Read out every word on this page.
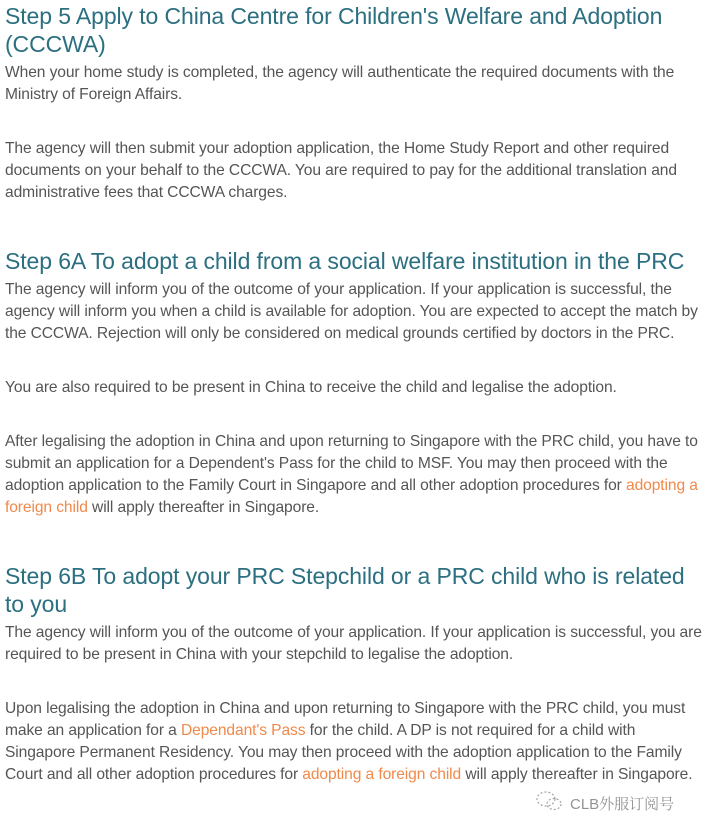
Step 5 Apply to China Centre for Children's Welfare and Adoption (CCCWA)

When your home study is completed, the agency will authenticate the required documents with the Ministry of Foreign Affairs.

The agency will then submit your adoption application, the Home Study Report and other required documents on your behalf to the CCCWA. You are required to pay for the additional translation and administrative fees that CCCWA charges.

Step 6A To adopt a child from a social welfare institution in the PRC

The agency will inform you of the outcome of your application. If your application is successful, the agency will inform you when a child is available for adoption. You are expected to accept the match by the CCCWA. Rejection will only be considered on medical grounds certified by doctors in the PRC.

You are also required to be present in China to receive the child and legalise the adoption.

After legalising the adoption in China and upon returning to Singapore with the PRC child, you have to submit an application for a Dependent's Pass for the child to MSF. You may then proceed with the adoption application to the Family Court in Singapore and all other adoption procedures for adopting a foreign child will apply thereafter in Singapore.

Step 6B To adopt your PRC Stepchild or a PRC child who is related to you

The agency will inform you of the outcome of your application. If your application is successful, you are required to be present in China with your stepchild to legalise the adoption.

Upon legalising the adoption in China and upon returning to Singapore with the PRC child, you must make an application for a Dependant's Pass for the child. A DP is not required for a child with Singapore Permanent Residency. You may then proceed with the adoption application to the Family Court and all other adoption procedures for adopting a foreign child will apply thereafter in Singapore.

CLB外服订阅号
